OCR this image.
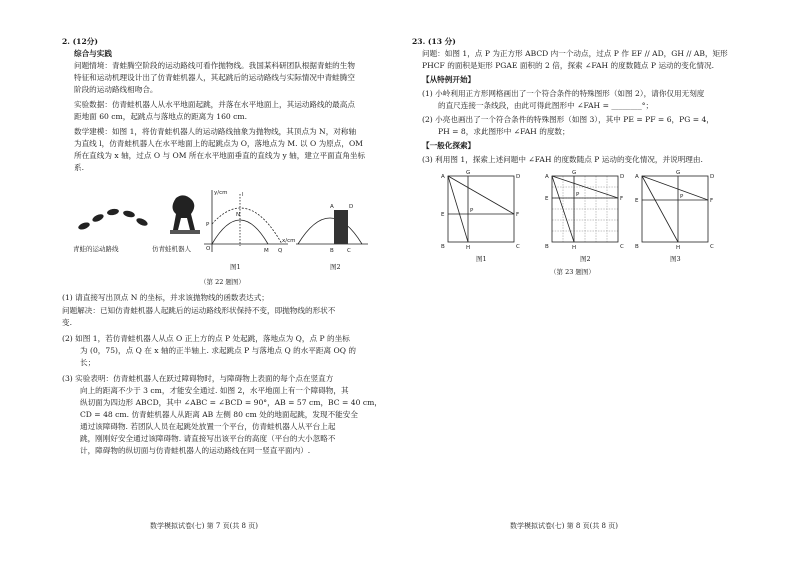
2. (12分)
综合与实践
问题情境：青蛙腾空阶段的运动路线可看作抛物线。我国某科研团队根据青蛙的生物
特征和运动机理设计出了仿青蛙机器人，其起跳后的运动路线与实际情况中青蛙腾空
阶段的运动路线相吻合。
实验数据：仿青蛙机器人从水平地面起跳，并落在水平地面上，其运动路线的最高点
距地面 60 cm，起跳点与落地点的距离为 160 cm.
数学建模：如图 1，将仿青蛙机器人的运动路线抽象为抛物线，其顶点为 N，对称轴
为直线 l，仿青蛙机器人在水平地面上的起跳点为 O，落地点为 M. 以 O 为原点，OM
所在直线为 x 轴，过点 O 与 OM 所在水平地面垂直的直线为 y 轴，建立平面直角坐标
系.
青蛙的运动路线	仿青蛙机器人
y/cm	l
N
P
O	M Q
x/cm
图1
A	D
B C
图2
（第 22 题图）
(1) 请直接写出顶点 N 的坐标，并求该抛物线的函数表达式；
问题解决：已知仿青蛙机器人起跳后的运动路线形状保持不变，即抛物线的形状不
变.
(2) 如图 1，若仿青蛙机器人从点 O 正上方的点 P 处起跳，落地点为 Q，点 P 的坐标
为 (0，75)，点 Q 在 x 轴的正半轴上. 求起跳点 P 与落地点 Q 的水平距离 OQ 的
长；
(3) 实验表明：仿青蛙机器人在跃过障碍物时，与障碍物上表面的每个点在竖直方
向上的距离不少于 3 cm，才能安全通过. 如图 2，水平地面上有一个障碍物，其
纵切面为四边形 ABCD，其中 ∠ABC = ∠BCD = 90°，AB = 57 cm，BC = 40 cm，
CD = 48 cm. 仿青蛙机器人从距离 AB 左侧 80 cm 处的地面起跳，发现不能安全
通过该障碍物. 若团队人员在起跳处放置一个平台，仿青蛙机器人从平台上起
跳，刚刚好安全通过该障碍物. 请直接写出该平台的高度（平台的大小忽略不
计，障碍物的纵切面与仿青蛙机器人的运动路线在同一竖直平面内）.
数学模拟试卷(七) 第 7 页(共 8 页)
23. (13 分)
问题：如图 1，点 P 为正方形 ABCD 内一个动点，过点 P 作 EF // AD，GH // AB，矩形
PHCF 的面积是矩形 PGAE 面积的 2 倍，探索 ∠FAH 的度数随点 P 运动的变化情况.
【从特例开始】
(1) 小岭利用正方形网格画出了一个符合条件的特殊图形（如图 2），请你仅用无刻度
的直尺连接一条线段，由此可得此图形中 ∠FAH = ________°；
(2) 小亮也画出了一个符合条件的特殊图形（如图 3），其中 PE = PF = 6，PG = 4，
PH = 8，求此图形中 ∠FAH 的度数；
【一般化探索】
(3) 利用图 1，探索上述问题中 ∠FAH 的度数随点 P 运动的变化情况，并说明理由.
A	D
B	C
E	F
G
H
P
图1
A	D
B	C
E	F
G
H
P
图2
A	D
B	C
E	F
G
H
P
图3
（第 23 题图）
数学模拟试卷(七) 第 8 页(共 8 页)
